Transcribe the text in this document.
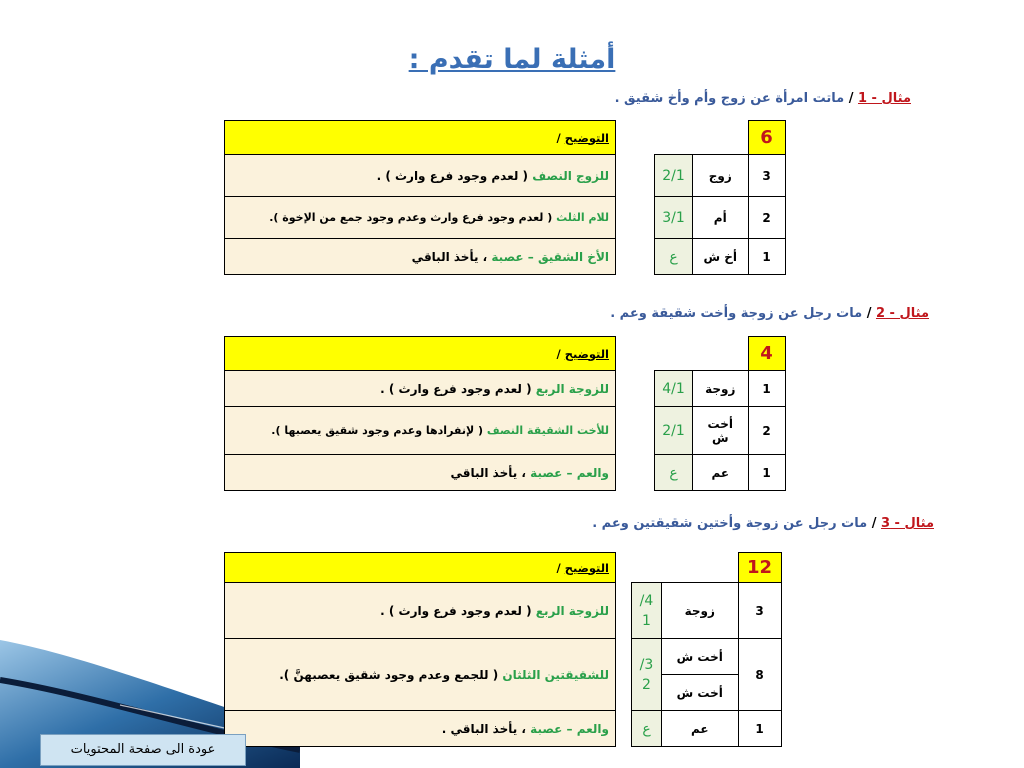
أمثلة لما تقدم :
مثال - 1 / ماتت امرأة عن زوج وأم وأخ شقيق .
التوضيح /
للزوج النصف ( لعدم وجود فرع وارث ) .
للام الثلث ( لعدم وجود فرع وارث وعدم وجود جمع من الإخوة ).
الأخ الشقيق – عصبة ، يأخذ الباقي
6		
3	زوج	2/1
2	أم	3/1
1	أخ ش	ع
مثال - 2 / مات رجل عن زوجة وأخت شقيقة وعم .
التوضيح /
للزوجة الربع ( لعدم وجود فرع وارث ) .
للأخت الشقيقة النصف ( لإنفرادها وعدم وجود شقيق يعصبها ).
والعم – عصبة ، يأخذ الباقي
4		
1	زوجة	4/1
2	أخت ش	2/1
1	عم	ع
مثال - 3 / مات رجل عن زوجة وأختين شقيقتين وعم .
التوضيح /
للزوجة الربع ( لعدم وجود فرع وارث ) .
للشقيقتين الثلثان ( للجمع وعدم وجود شقيق يعصبهنَّ ).
والعم – عصبة ، يأخذ الباقي .
12		
3	زوجة	4/ 1
8	أخت ش	3/ 2
	أخت ش	
1	عم	ع
عودة الى صفحة المحتويات
